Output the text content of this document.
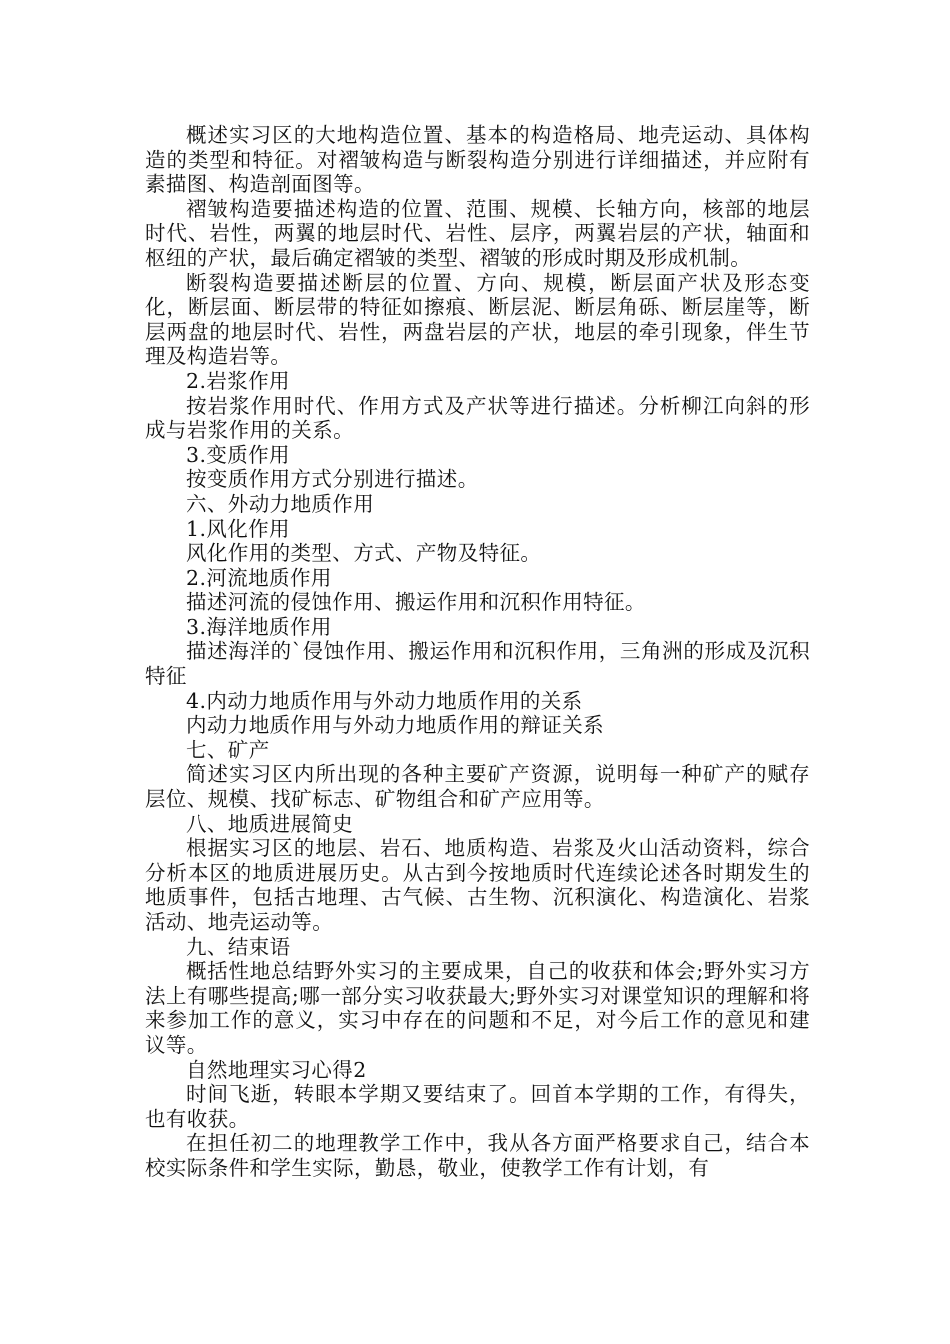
概述实习区的大地构造位置、基本的构造格局、地壳运动、具体构造的类型和特征。对褶皱构造与断裂构造分别进行详细描述，并应附有素描图、构造剖面图等。

褶皱构造要描述构造的位置、范围、规模、长轴方向，核部的地层时代、岩性，两翼的地层时代、岩性、层序，两翼岩层的产状，轴面和枢纽的产状，最后确定褶皱的类型、褶皱的形成时期及形成机制。

断裂构造要描述断层的位置、方向、规模，断层面产状及形态变化，断层面、断层带的特征如擦痕、断层泥、断层角砾、断层崖等，断层两盘的地层时代、岩性，两盘岩层的产状，地层的牵引现象，伴生节理及构造岩等。

2.岩浆作用

按岩浆作用时代、作用方式及产状等进行描述。分析柳江向斜的形成与岩浆作用的关系。

3.变质作用

按变质作用方式分别进行描述。

六、外动力地质作用

1.风化作用

风化作用的类型、方式、产物及特征。

2.河流地质作用

描述河流的侵蚀作用、搬运作用和沉积作用特征。

3.海洋地质作用

描述海洋的`侵蚀作用、搬运作用和沉积作用，三角洲的形成及沉积特征

4.内动力地质作用与外动力地质作用的关系

内动力地质作用与外动力地质作用的辩证关系

七、矿产

简述实习区内所出现的各种主要矿产资源，说明每一种矿产的赋存层位、规模、找矿标志、矿物组合和矿产应用等。

八、地质进展简史

根据实习区的地层、岩石、地质构造、岩浆及火山活动资料，综合分析本区的地质进展历史。从古到今按地质时代连续论述各时期发生的地质事件，包括古地理、古气候、古生物、沉积演化、构造演化、岩浆活动、地壳运动等。

九、结束语

概括性地总结野外实习的主要成果，自己的收获和体会;野外实习方法上有哪些提高;哪一部分实习收获最大;野外实习对课堂知识的理解和将来参加工作的意义，实习中存在的问题和不足，对今后工作的意见和建议等。

自然地理实习心得2

时间飞逝，转眼本学期又要结束了。回首本学期的工作，有得失，也有收获。

在担任初二的地理教学工作中，我从各方面严格要求自己，结合本校实际条件和学生实际，勤恳，敬业，使教学工作有计划，有
